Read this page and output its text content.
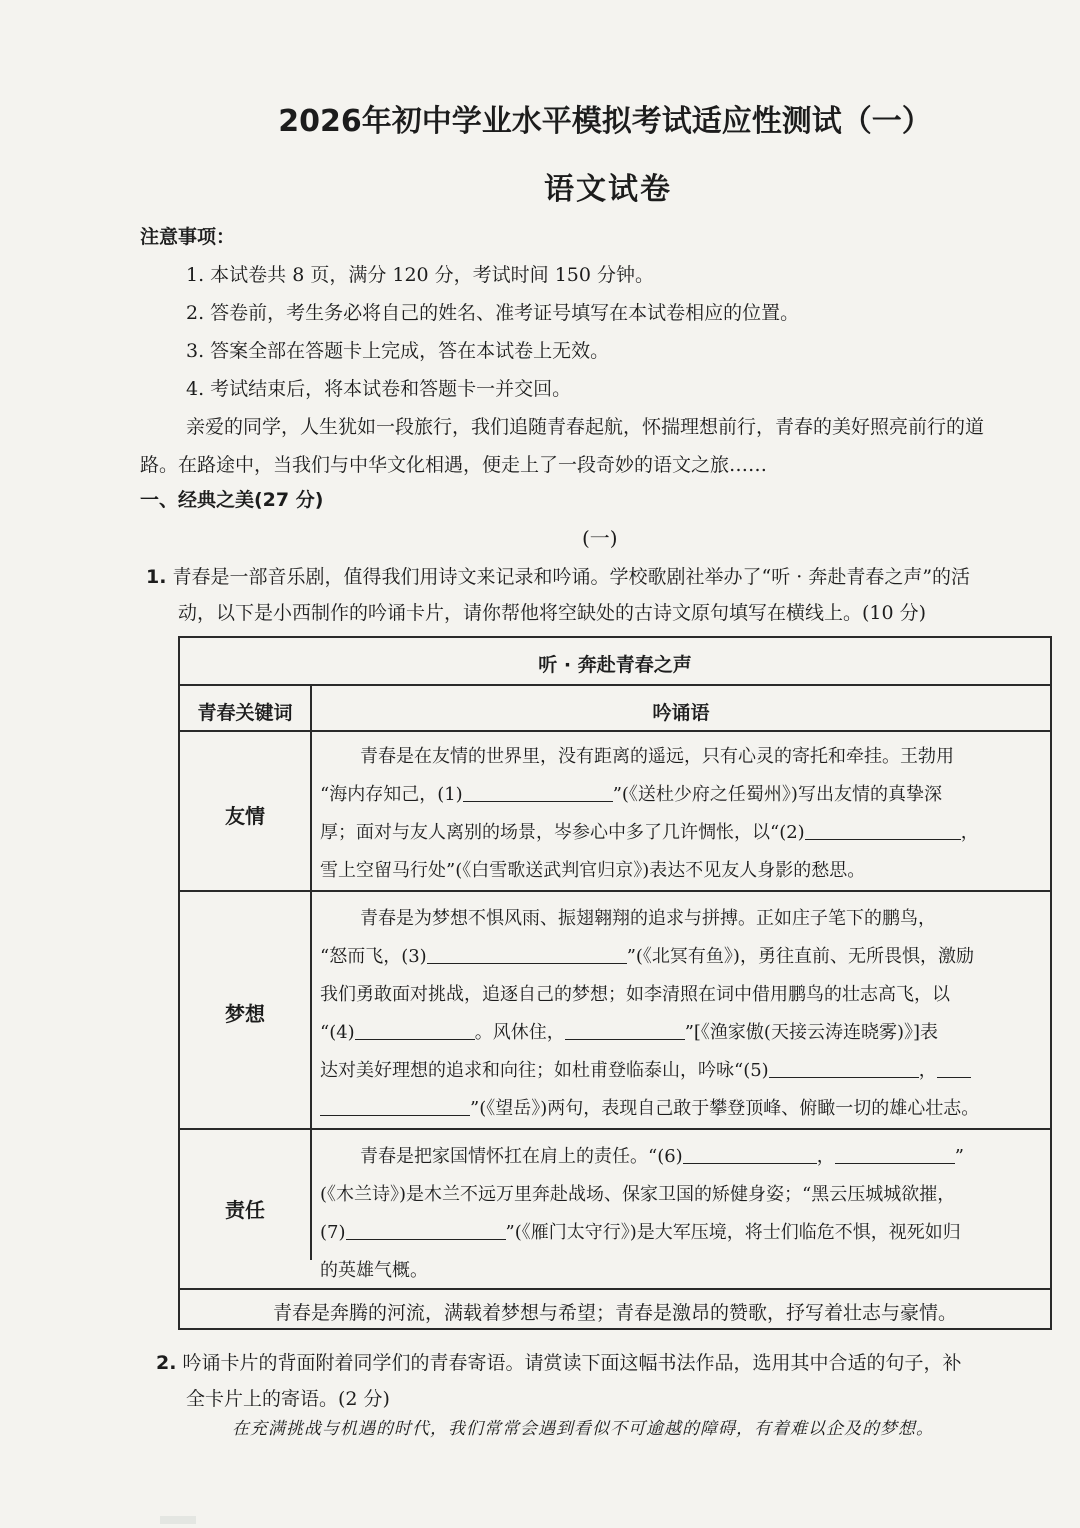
2026年初中学业水平模拟考试适应性测试（一）
语文试卷
注意事项：
1. 本试卷共 8 页，满分 120 分，考试时间 150 分钟。
2. 答卷前，考生务必将自己的姓名、准考证号填写在本试卷相应的位置。
3. 答案全部在答题卡上完成，答在本试卷上无效。
4. 考试结束后，将本试卷和答题卡一并交回。
亲爱的同学，人生犹如一段旅行，我们追随青春起航，怀揣理想前行，青春的美好照亮前行的道
路。在路途中，当我们与中华文化相遇，便走上了一段奇妙的语文之旅……
一、经典之美(27 分)
(一)
1. 青春是一部音乐剧，值得我们用诗文来记录和吟诵。学校歌剧社举办了“听 · 奔赴青春之声”的活
动，以下是小西制作的吟诵卡片，请你帮他将空缺处的古诗文原句填写在横线上。(10 分)
听 · 奔赴青春之声
青春关键词	吟诵语
友情
青春是在友情的世界里，没有距离的遥远，只有心灵的寄托和牵挂。王勃用
“海内存知己，(1)	”(《送杜少府之任蜀州》)写出友情的真挚深
厚；面对与友人离别的场景，岑参心中多了几许惆怅，以“(2)	，
雪上空留马行处”(《白雪歌送武判官归京》)表达不见友人身影的愁思。
梦想
青春是为梦想不惧风雨、振翅翱翔的追求与拼搏。正如庄子笔下的鹏鸟，
“怒而飞，(3)	”(《北冥有鱼》)，勇往直前、无所畏惧，激励
我们勇敢面对挑战，追逐自己的梦想；如李清照在词中借用鹏鸟的壮志高飞，以
“(4)	。风休住，	”[《渔家傲(天接云涛连晓雾)》]表
达对美好理想的追求和向往；如杜甫登临泰山，吟咏“(5)	，
”(《望岳》)两句，表现自己敢于攀登顶峰、俯瞰一切的雄心壮志。
责任
青春是把家国情怀扛在肩上的责任。“(6)	，	”
(《木兰诗》)是木兰不远万里奔赴战场、保家卫国的矫健身姿；“黑云压城城欲摧，
(7)	”(《雁门太守行》)是大军压境，将士们临危不惧，视死如归
的英雄气概。
青春是奔腾的河流，满载着梦想与希望；青春是激昂的赞歌，抒写着壮志与豪情。
2. 吟诵卡片的背面附着同学们的青春寄语。请赏读下面这幅书法作品，选用其中合适的句子，补
全卡片上的寄语。(2 分)
在充满挑战与机遇的时代，我们常常会遇到看似不可逾越的障碍，有着难以企及的梦想。
